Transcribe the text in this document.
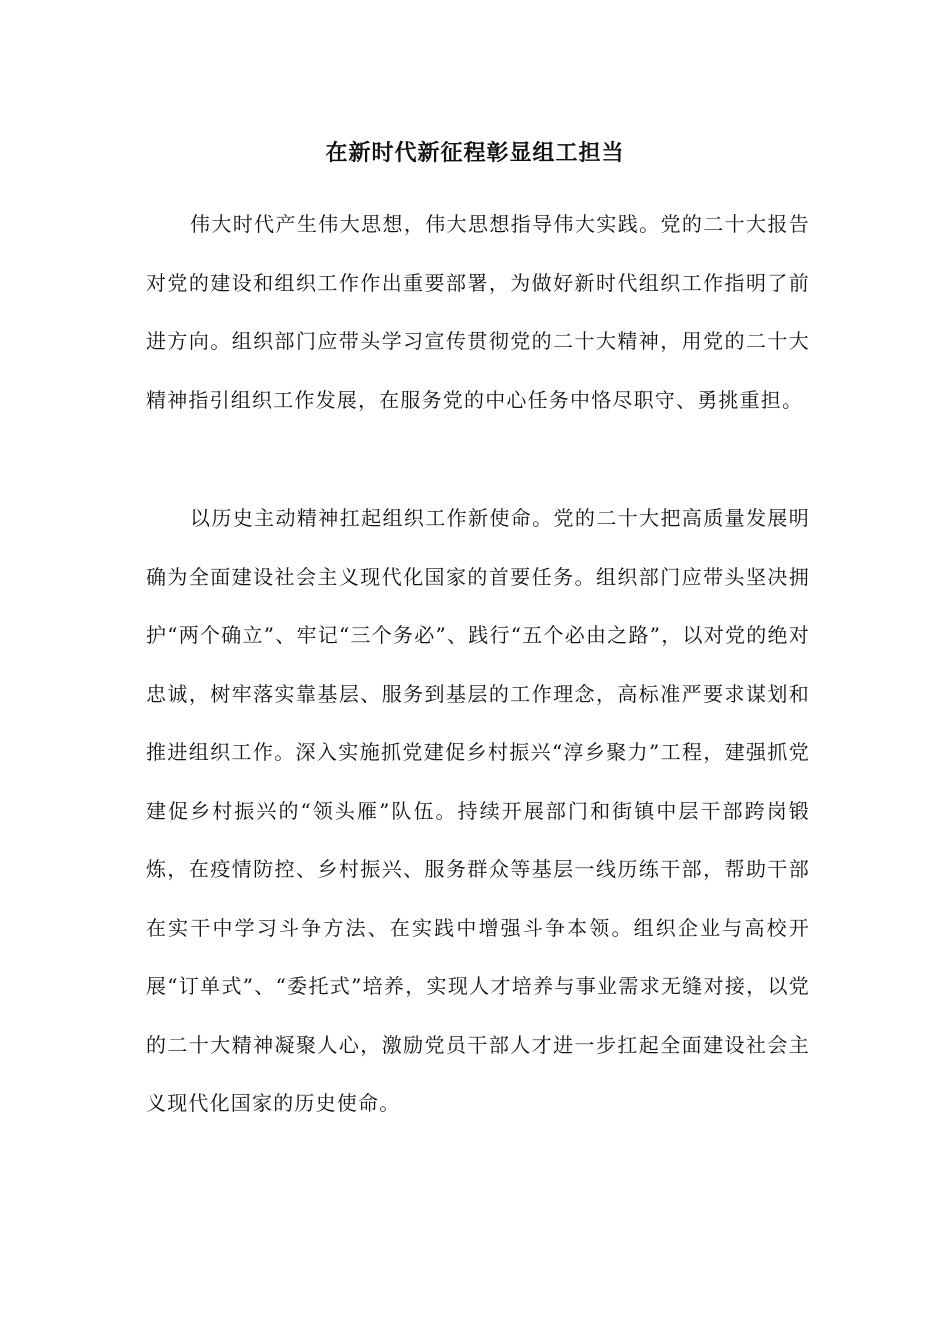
在新时代新征程彰显组工担当

伟大时代产生伟大思想，伟大思想指导伟大实践。党的二十大报告对党的建设和组织工作作出重要部署，为做好新时代组织工作指明了前进方向。组织部门应带头学习宣传贯彻党的二十大精神，用党的二十大精神指引组织工作发展，在服务党的中心任务中恪尽职守、勇挑重担。

以历史主动精神扛起组织工作新使命。党的二十大把高质量发展明确为全面建设社会主义现代化国家的首要任务。组织部门应带头坚决拥护“两个确立”、牢记“三个务必”、践行“五个必由之路”，以对党的绝对忠诚，树牢落实靠基层、服务到基层的工作理念，高标准严要求谋划和推进组织工作。深入实施抓党建促乡村振兴“淳乡聚力”工程，建强抓党建促乡村振兴的“领头雁”队伍。持续开展部门和街镇中层干部跨岗锻炼，在疫情防控、乡村振兴、服务群众等基层一线历练干部，帮助干部在实干中学习斗争方法、在实践中增强斗争本领。组织企业与高校开展“订单式”、“委托式”培养，实现人才培养与事业需求无缝对接，以党的二十大精神凝聚人心，激励党员干部人才进一步扛起全面建设社会主义现代化国家的历史使命。
